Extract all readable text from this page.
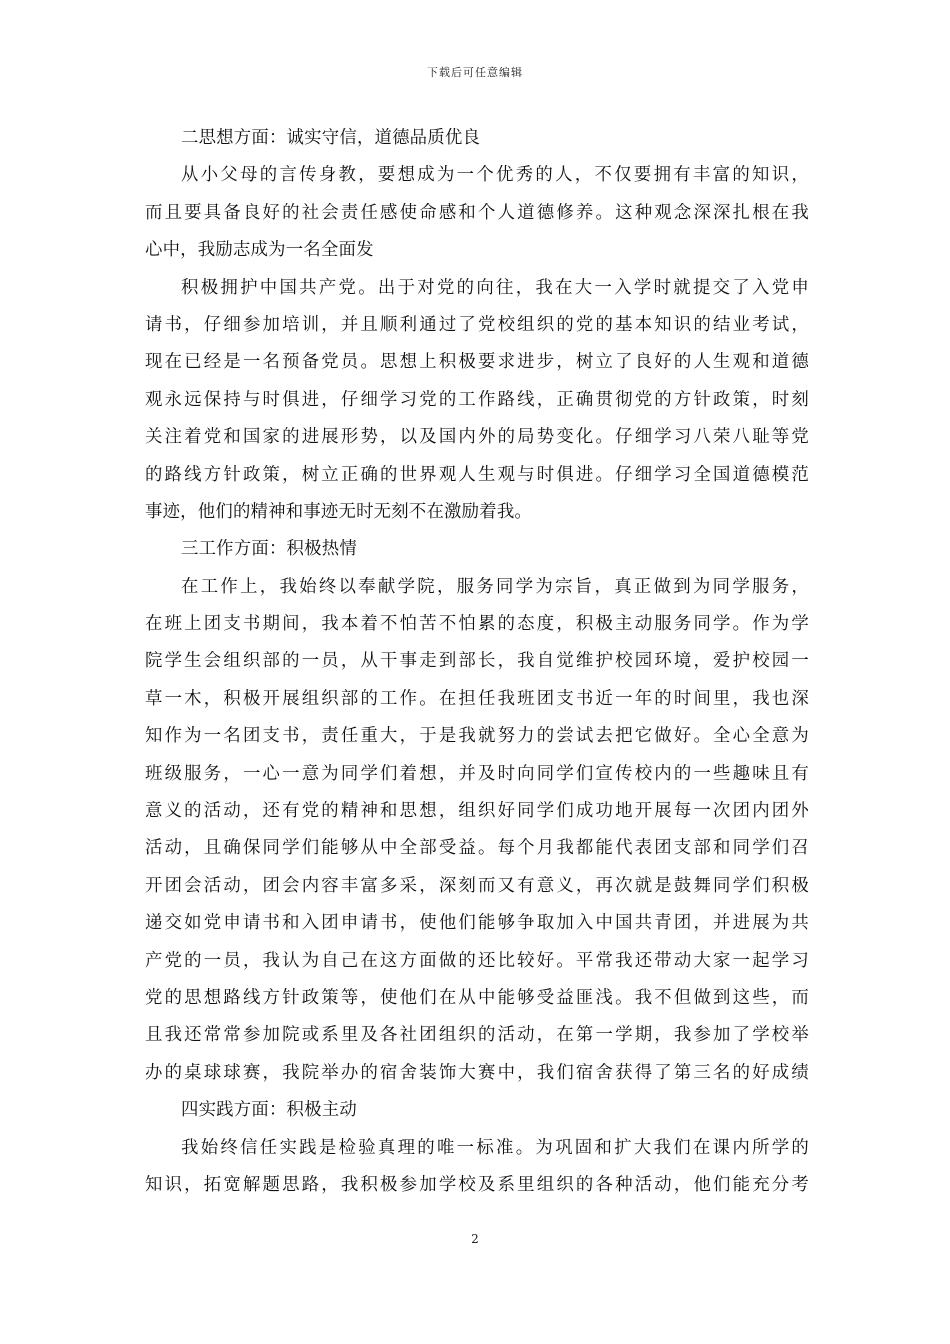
下载后可任意编辑
二思想方面：诚实守信，道德品质优良
从小父母的言传身教，要想成为一个优秀的人，不仅要拥有丰富的知识，
而且要具备良好的社会责任感使命感和个人道德修养。这种观念深深扎根在我
心中，我励志成为一名全面发
积极拥护中国共产党。出于对党的向往，我在大一入学时就提交了入党申
请书，仔细参加培训，并且顺利通过了党校组织的党的基本知识的结业考试，
现在已经是一名预备党员。思想上积极要求进步，树立了良好的人生观和道德
观永远保持与时俱进，仔细学习党的工作路线，正确贯彻党的方针政策，时刻
关注着党和国家的进展形势，以及国内外的局势变化。仔细学习八荣八耻等党
的路线方针政策，树立正确的世界观人生观与时俱进。仔细学习全国道德模范
事迹，他们的精神和事迹无时无刻不在激励着我。
三工作方面：积极热情
在工作上，我始终以奉献学院，服务同学为宗旨，真正做到为同学服务，
在班上团支书期间，我本着不怕苦不怕累的态度，积极主动服务同学。作为学
院学生会组织部的一员，从干事走到部长，我自觉维护校园环境，爱护校园一
草一木，积极开展组织部的工作。在担任我班团支书近一年的时间里，我也深
知作为一名团支书，责任重大，于是我就努力的尝试去把它做好。全心全意为
班级服务，一心一意为同学们着想，并及时向同学们宣传校内的一些趣味且有
意义的活动，还有党的精神和思想，组织好同学们成功地开展每一次团内团外
活动，且确保同学们能够从中全部受益。每个月我都能代表团支部和同学们召
开团会活动，团会内容丰富多采，深刻而又有意义，再次就是鼓舞同学们积极
递交如党申请书和入团申请书，使他们能够争取加入中国共青团，并进展为共
产党的一员，我认为自己在这方面做的还比较好。平常我还带动大家一起学习
党的思想路线方针政策等，使他们在从中能够受益匪浅。我不但做到这些，而
且我还常常参加院或系里及各社团组织的活动，在第一学期，我参加了学校举
办的桌球球赛，我院举办的宿舍装饰大赛中，我们宿舍获得了第三名的好成绩
四实践方面：积极主动
我始终信任实践是检验真理的唯一标准。为巩固和扩大我们在课内所学的
知识，拓宽解题思路，我积极参加学校及系里组织的各种活动，他们能充分考
2
